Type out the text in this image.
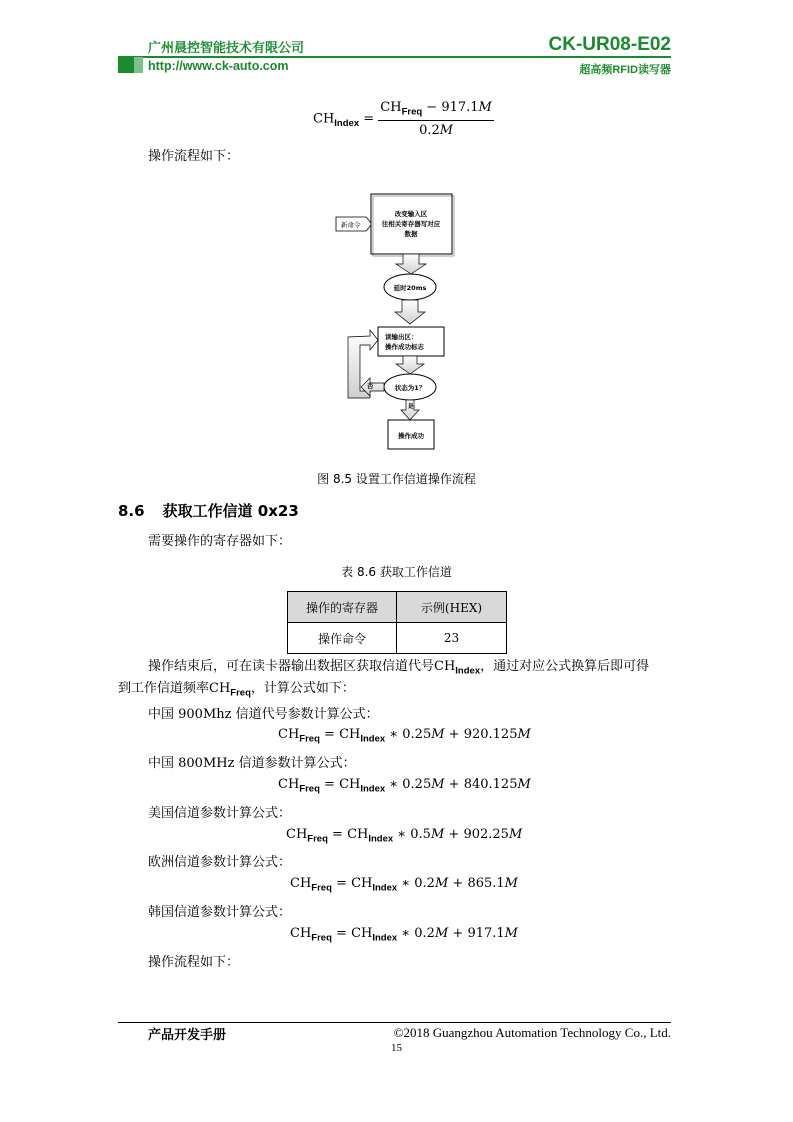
广州晨控智能技术有限公司	CK-UR08-E02
http://www.ck-auto.com	超高频RFID读写器
$CH_{Index} = \frac{CH_{Freq} - 917.1M}{0.2M}$
操作流程如下：
新命令
改变输入区
往相关寄存器写对应
数据
延时20ms
读输出区：
操作成功标志
状态为1？
否
是
操作成功
图 8.5 设置工作信道操作流程
8.6 获取工作信道 0x23
需要操作的寄存器如下：
表 8.6 获取工作信道
操作的寄存器	示例(HEX)
操作命令	23
操作结束后，可在读卡器输出数据区获取信道代号$CH_{Index}$，通过对应公式换算后即可得
到工作信道频率$CH_{Freq}$，计算公式如下：
中国 900Mhz 信道代号参数计算公式：
$CH_{Freq} = CH_{Index}$ ∗ 0.25M + 920.125M
中国 800MHz 信道参数计算公式：
$CH_{Freq} = CH_{Index}$ ∗ 0.25M + 840.125M
美国信道参数计算公式：
$CH_{Freq} = CH_{Index}$ ∗ 0.5M + 902.25M
欧洲信道参数计算公式：
$CH_{Freq} = CH_{Index}$ ∗ 0.2M + 865.1M
韩国信道参数计算公式：
$CH_{Freq} = CH_{Index}$ ∗ 0.2M + 917.1M
操作流程如下：
产品开发手册	©2018 Guangzhou Automation Technology Co., Ltd.
15
